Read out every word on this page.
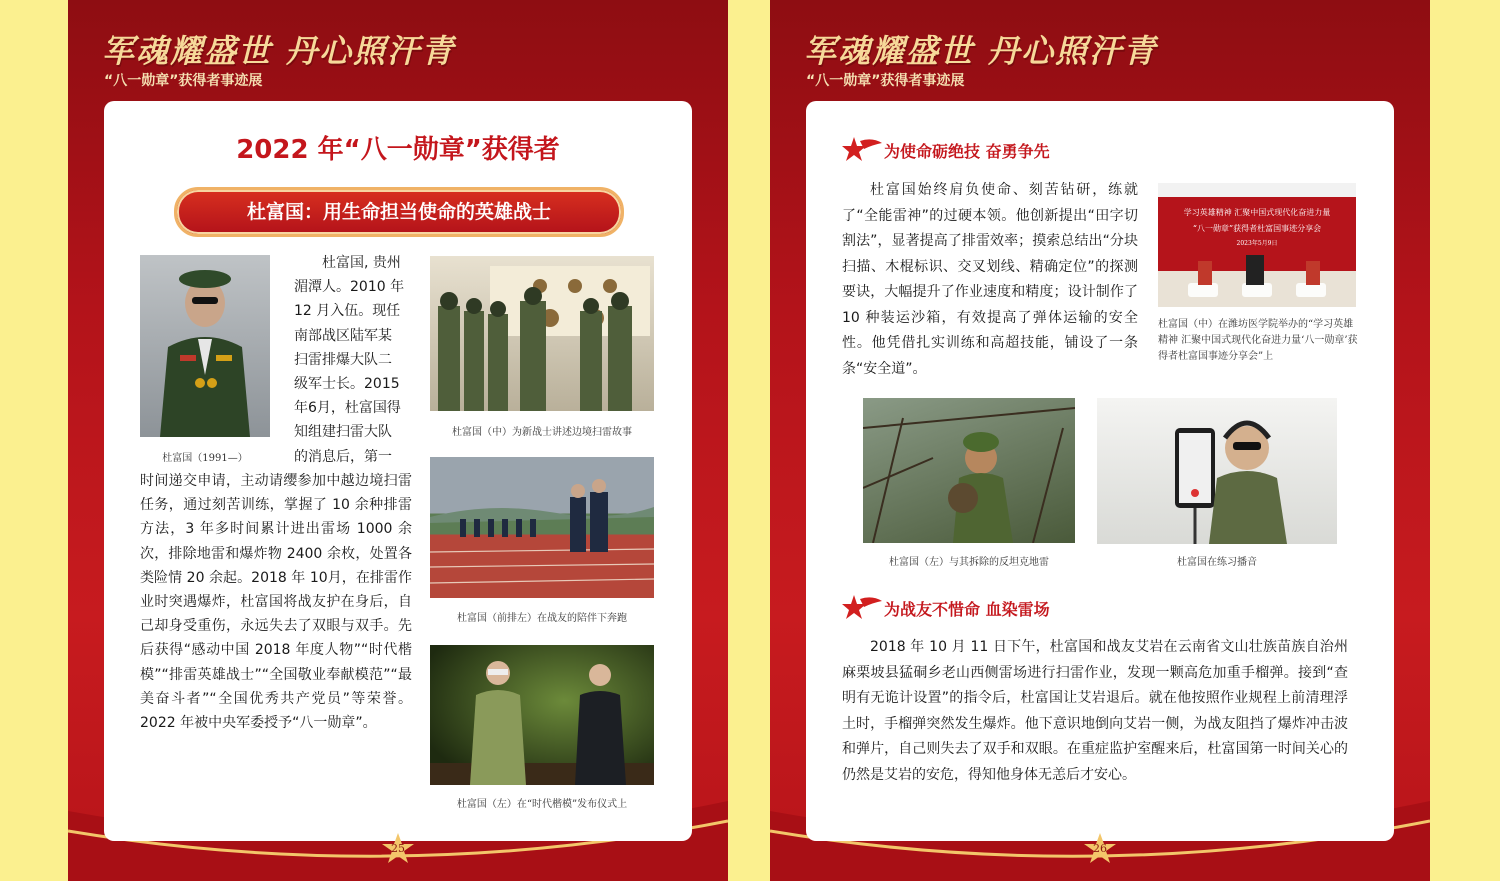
军魂耀盛世 丹心照汗青
“八一勋章”获得者事迹展
2022 年“八一勋章”获得者
杜富国：用生命担当使命的英雄战士
杜富国（1991—）

杜富国, 贵州

湄潭人。2010 年

12 月入伍。现任

南部战区陆军某

扫雷排爆大队二

级军士长。2015

年6月，杜富国得

知组建扫雷大队

的消息后，第一

时间递交申请，主动请缨参加中越边境扫雷任务，通过刻苦训练，掌握了 10 余种排雷方法，3 年多时间累计进出雷场 1000 余次，排除地雷和爆炸物 2400 余枚，处置各类险情 20 余起。2018 年 10月，在排雷作业时突遇爆炸，杜富国将战友护在身后，自己却身受重伤，永远失去了双眼与双手。先后获得“感动中国 2018 年度人物”“时代楷模”“排雷英雄战士”“全国敬业奉献模范”“最美奋斗者”“全国优秀共产党员”等荣誉。2022 年被中央军委授予“八一勋章”。
杜富国（中）为新战士讲述边境扫雷故事
杜富国（前排左）在战友的陪伴下奔跑
杜富国（左）在“时代楷模”发布仪式上
25
军魂耀盛世 丹心照汗青
“八一勋章”获得者事迹展
为使命砺绝技 奋勇争先
杜富国始终肩负使命、刻苦钻研，练就了“全能雷神”的过硬本领。他创新提出“田字切割法”，显著提高了排雷效率；摸索总结出“分块扫描、木棍标识、交叉划线、精确定位”的探测要诀，大幅提升了作业速度和精度；设计制作了 10 种装运沙箱，有效提高了弹体运输的安全性。他凭借扎实训练和高超技能，铺设了一条条“安全道”。
学习英雄精神 汇聚中国式现代化奋进力量
“八一勋章”获得者杜富国事迹分享会
2023年5月9日
杜富国（中）在潍坊医学院举办的“学习英雄精神 汇聚中国式现代化奋进力量‘八一勋章’获得者杜富国事迹分享会”上
杜富国（左）与其拆除的反坦克地雷	杜富国在练习播音
为战友不惜命 血染雷场
2018 年 10 月 11 日下午，杜富国和战友艾岩在云南省文山壮族苗族自治州麻栗坡县猛硐乡老山西侧雷场进行扫雷作业，发现一颗高危加重手榴弹。接到“查明有无诡计设置”的指令后，杜富国让艾岩退后。就在他按照作业规程上前清理浮土时，手榴弹突然发生爆炸。他下意识地倒向艾岩一侧，为战友阻挡了爆炸冲击波和弹片，自己则失去了双手和双眼。在重症监护室醒来后，杜富国第一时间关心的仍然是艾岩的安危，得知他身体无恙后才安心。
26
